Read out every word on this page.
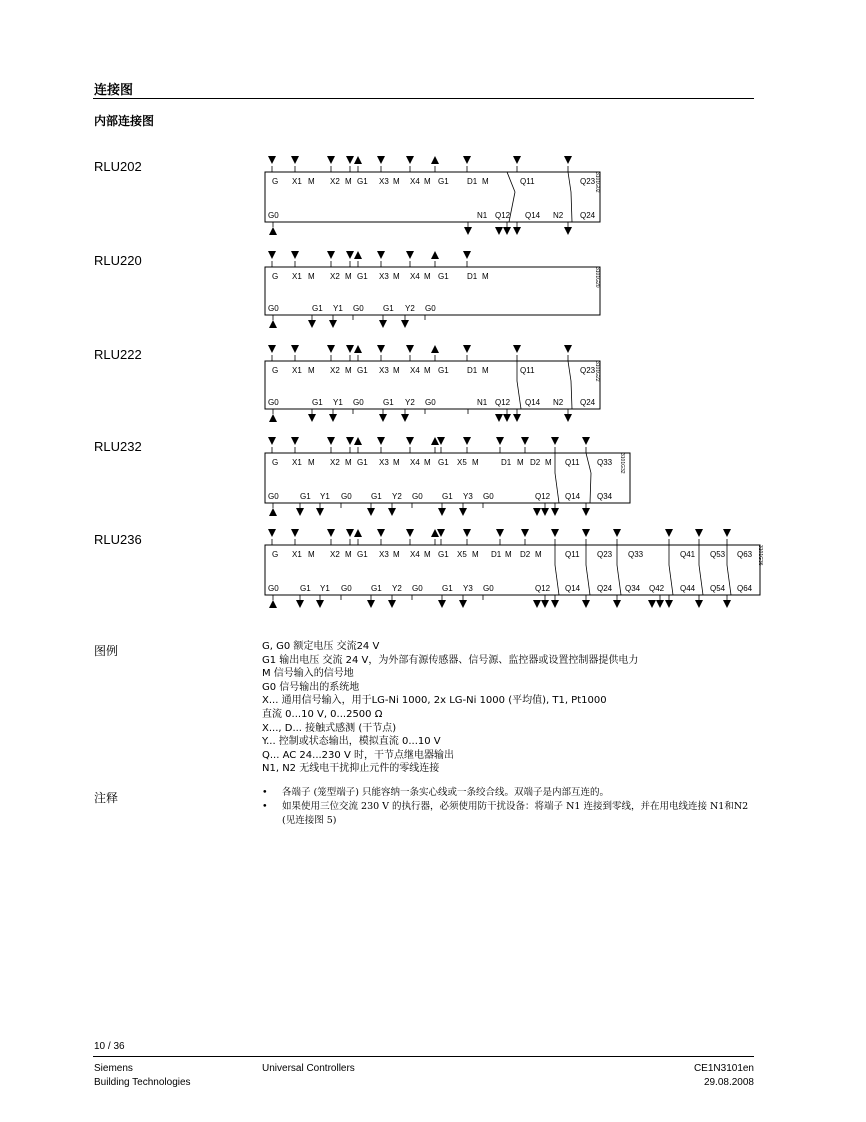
连接图
内部连接图
RLU202
3101G02
G X1 M X2 M G1 X3 M X4 M G1 D1 M	Q11	Q23
G0	N1 Q12 Q14 N2 Q24
RLU220
3101G20
G X1 M X2 M G1 X3 M X4 M G1 D1 M
G0	G1 Y1 G0 G1 Y2 G0
RLU222
3101G22
G X1 M X2 M G1 X3 M X4 M G1 D1 M	Q11	Q23
G0	G1 Y1 G0 G1 Y2 G0	N1 Q12 Q14 N2 Q24
RLU232
3101G32
G X1 M X2 M G1 X3 M X4 M G1 X5 M	D1 M D2 M Q11 Q33
G0	G1 Y1 G0 G1 Y2 G0 G1 Y3 G0	Q12 Q14 Q34
RLU236
3101G36
G X1 M X2 M G1 X3 M X4 M G1 X5 M D1 M D2 M	Q11 Q23 Q33	Q41 Q53 Q63
G0	G1 Y1 G0 G1 Y2 G0 G1 Y3 G0	Q12 Q14 Q24 Q34 Q42 Q44 Q54 Q64
图例	G, G0 额定电压 交流24 V
G1 输出电压 交流 24 V，为外部有源传感器、信号源、监控器或设置控制器提供电力
M 信号输入的信号地
G0 信号输出的系统地
X... 通用信号输入，用于LG-Ni 1000, 2x LG-Ni 1000 (平均值), T1, Pt1000
直流 0...10 V, 0...2500 Ω
X..., D... 接触式感测 (干节点)
Y... 控制或状态输出，模拟直流 0...10 V
Q... AC 24...230 V 时，干节点继电器输出
N1, N2 无线电干扰抑止元件的零线连接
注释	• 各端子 (笼型端子) 只能容纳一条实心线或一条绞合线。双端子是内部互连的。
• 如果使用三位交流 230 V 的执行器，必须使用防干扰设备：将端子 N1 连接到零线，并在用电线连接 N1和N2 (见连接图 5)
10 / 36
Siemens
Building Technologies
Universal Controllers	CE1N3101en
29.08.2008
